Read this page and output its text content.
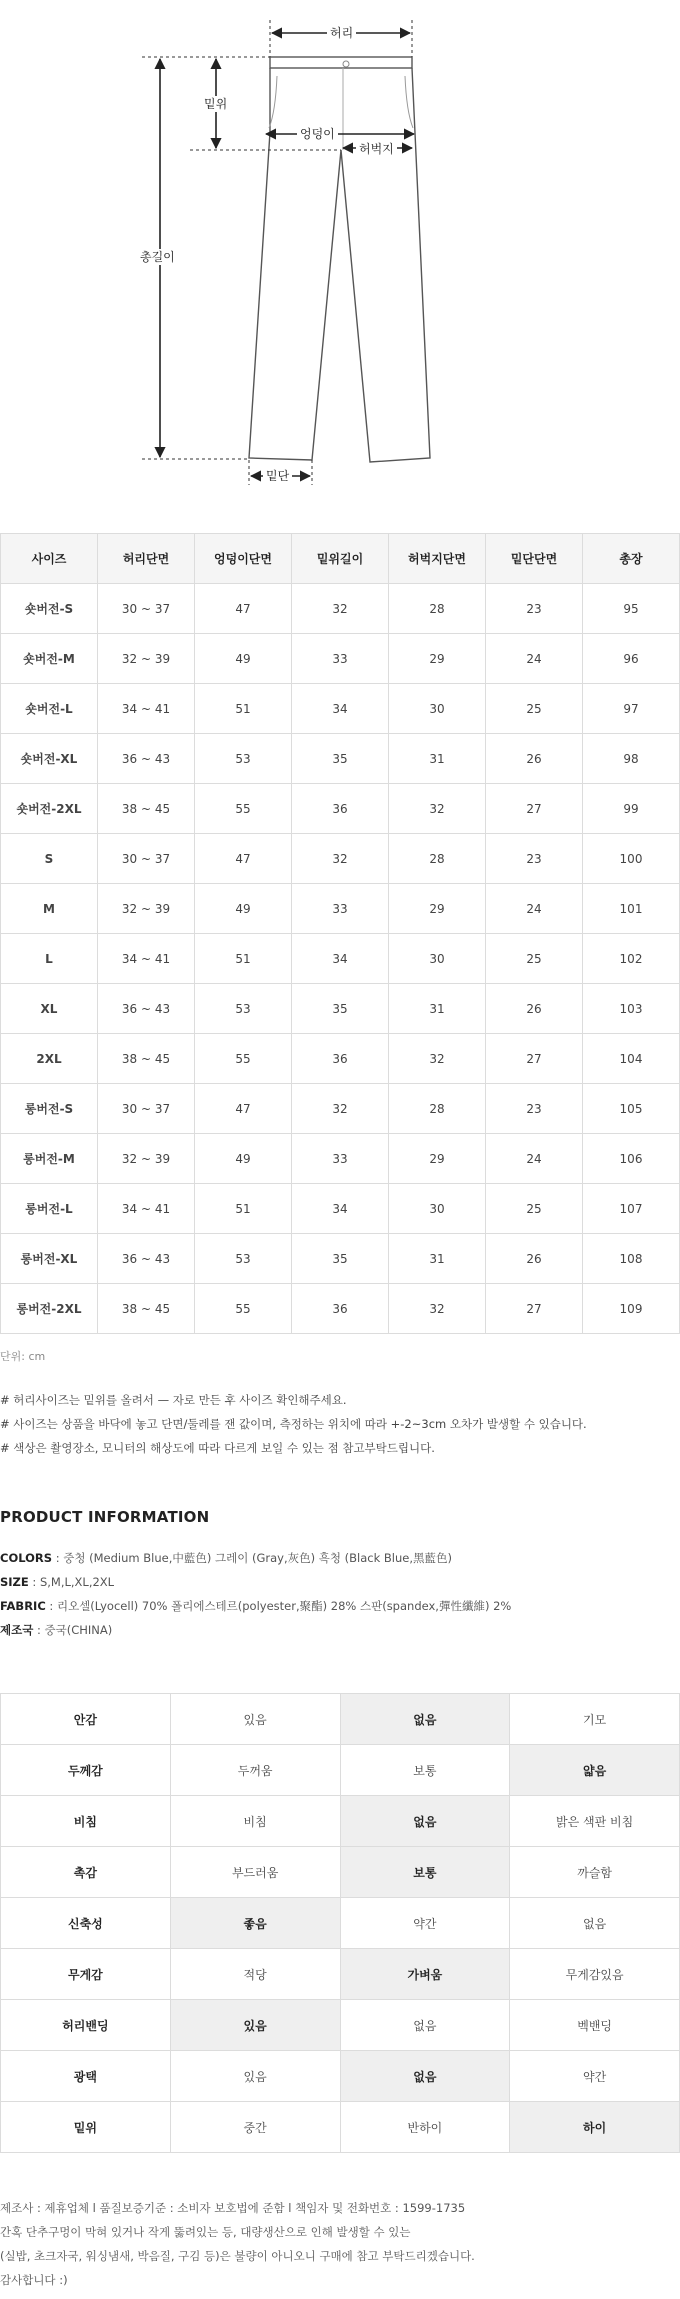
허리
밑위
엉덩이
허벅지
총길이
밑단
사이즈	허리단면	엉덩이단면	밑위길이	허벅지단면	밑단단면	총장
숏버전-S	30 ~ 37	47	32	28	23	95
숏버전-M	32 ~ 39	49	33	29	24	96
숏버전-L	34 ~ 41	51	34	30	25	97
숏버전-XL	36 ~ 43	53	35	31	26	98
숏버전-2XL	38 ~ 45	55	36	32	27	99
S	30 ~ 37	47	32	28	23	100
M	32 ~ 39	49	33	29	24	101
L	34 ~ 41	51	34	30	25	102
XL	36 ~ 43	53	35	31	26	103
2XL	38 ~ 45	55	36	32	27	104
롱버전-S	30 ~ 37	47	32	28	23	105
롱버전-M	32 ~ 39	49	33	29	24	106
롱버전-L	34 ~ 41	51	34	30	25	107
롱버전-XL	36 ~ 43	53	35	31	26	108
롱버전-2XL	38 ~ 45	55	36	32	27	109
단위: cm

# 허리사이즈는 밑위를 올려서 — 자로 만든 후 사이즈 확인해주세요.

# 사이즈는 상품을 바닥에 놓고 단면/둘레를 잰 값이며, 측정하는 위치에 따라 +-2~3cm 오차가 발생할 수 있습니다.

# 색상은 촬영장소, 모니터의 해상도에 따라 다르게 보일 수 있는 점 참고부탁드립니다.

PRODUCT INFORMATION

COLORS : 중청 (Medium Blue,中藍色) 그레이 (Gray,灰色) 흑청 (Black Blue,黑藍色)

SIZE : S,M,L,XL,2XL

FABRIC : 리오셀(Lyocell) 70% 폴리에스테르(polyester,聚酯) 28% 스판(spandex,彈性纖維) 2%

제조국 : 중국(CHINA)

안감	있음	없음	기모
두께감	두꺼움	보통	얇음
비침	비침	없음	밝은 색판 비침
촉감	부드러움	보통	까슬함
신축성	좋음	약간	없음
무게감	적당	가벼움	무게감있음
허리밴딩	있음	없음	벡밴딩
광택	있음	없음	약간
밑위	중간	반하이	하이

제조사 : 제휴업체 l 품질보증기준 : 소비자 보호법에 준함 l 책임자 및 전화번호 : 1599-1735

간혹 단추구멍이 막혀 있거나 작게 뚫려있는 등, 대량생산으로 인해 발생할 수 있는

(실밥, 초크자국, 워싱냄새, 박음질, 구김 등)은 불량이 아니오니 구매에 참고 부탁드리겠습니다.

감사합니다 :)
